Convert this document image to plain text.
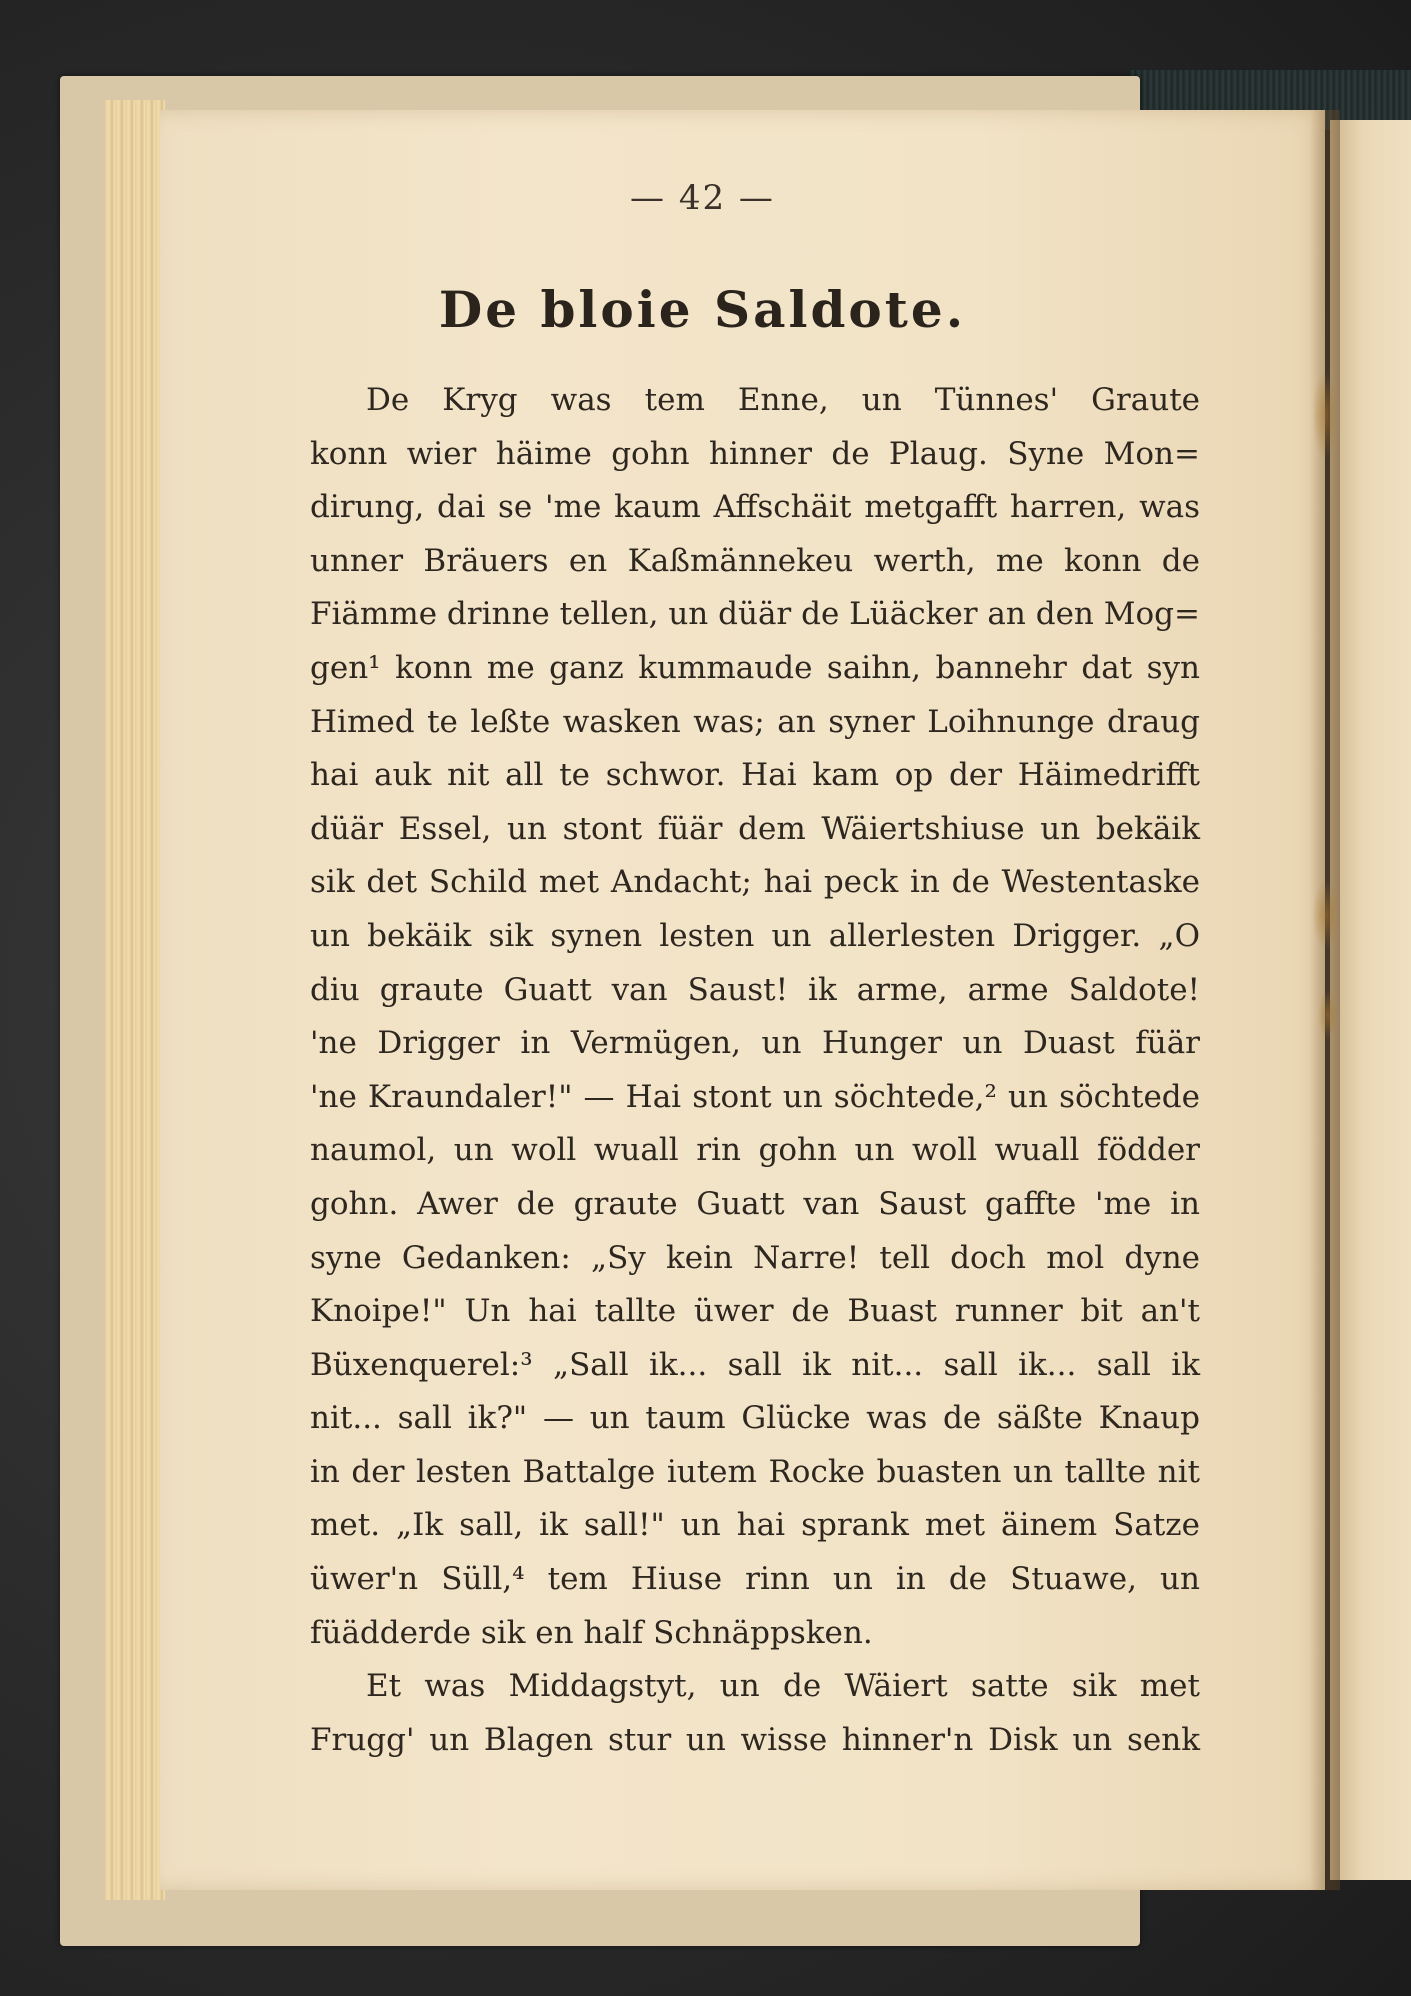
— 42 —
De bloie Saldote.
De Kryg was tem Enne, un Tünnes' Graute
konn wier häime gohn hinner de Plaug. Syne Mon=
dirung, dai se 'me kaum Affschäit metgafft harren, was
unner Bräuers en Kaßmännekeu werth, me konn de
Fiämme drinne tellen, un düär de Lüäcker an den Mog=
gen¹ konn me ganz kummaude saihn, bannehr dat syn
Himed te leßte wasken was; an syner Loihnunge draug
hai auk nit all te schwor. Hai kam op der Häimedrifft
düär Essel, un stont füär dem Wäiertshiuse un bekäik
sik det Schild met Andacht; hai peck in de Westentaske
un bekäik sik synen lesten un allerlesten Drigger. „O
diu graute Guatt van Saust! ik arme, arme Saldote!
'ne Drigger in Vermügen, un Hunger un Duast füär
'ne Kraundaler!" — Hai stont un söchtede,² un söchtede
naumol, un woll wuall rin gohn un woll wuall födder
gohn. Awer de graute Guatt van Saust gaffte 'me in
syne Gedanken: „Sy kein Narre! tell doch mol dyne
Knoipe!" Un hai tallte üwer de Buast runner bit an't
Büxenquerel:³ „Sall ik... sall ik nit... sall ik... sall ik
nit... sall ik?" — un taum Glücke was de säßte Knaup
in der lesten Battalge iutem Rocke buasten un tallte nit
met. „Ik sall, ik sall!" un hai sprank met äinem Satze
üwer'n Süll,⁴ tem Hiuse rinn un in de Stuawe, un
füädderde sik en half Schnäppsken.
Et was Middagstyt, un de Wäiert satte sik met
Frugg' un Blagen stur un wisse hinner'n Disk un senk
